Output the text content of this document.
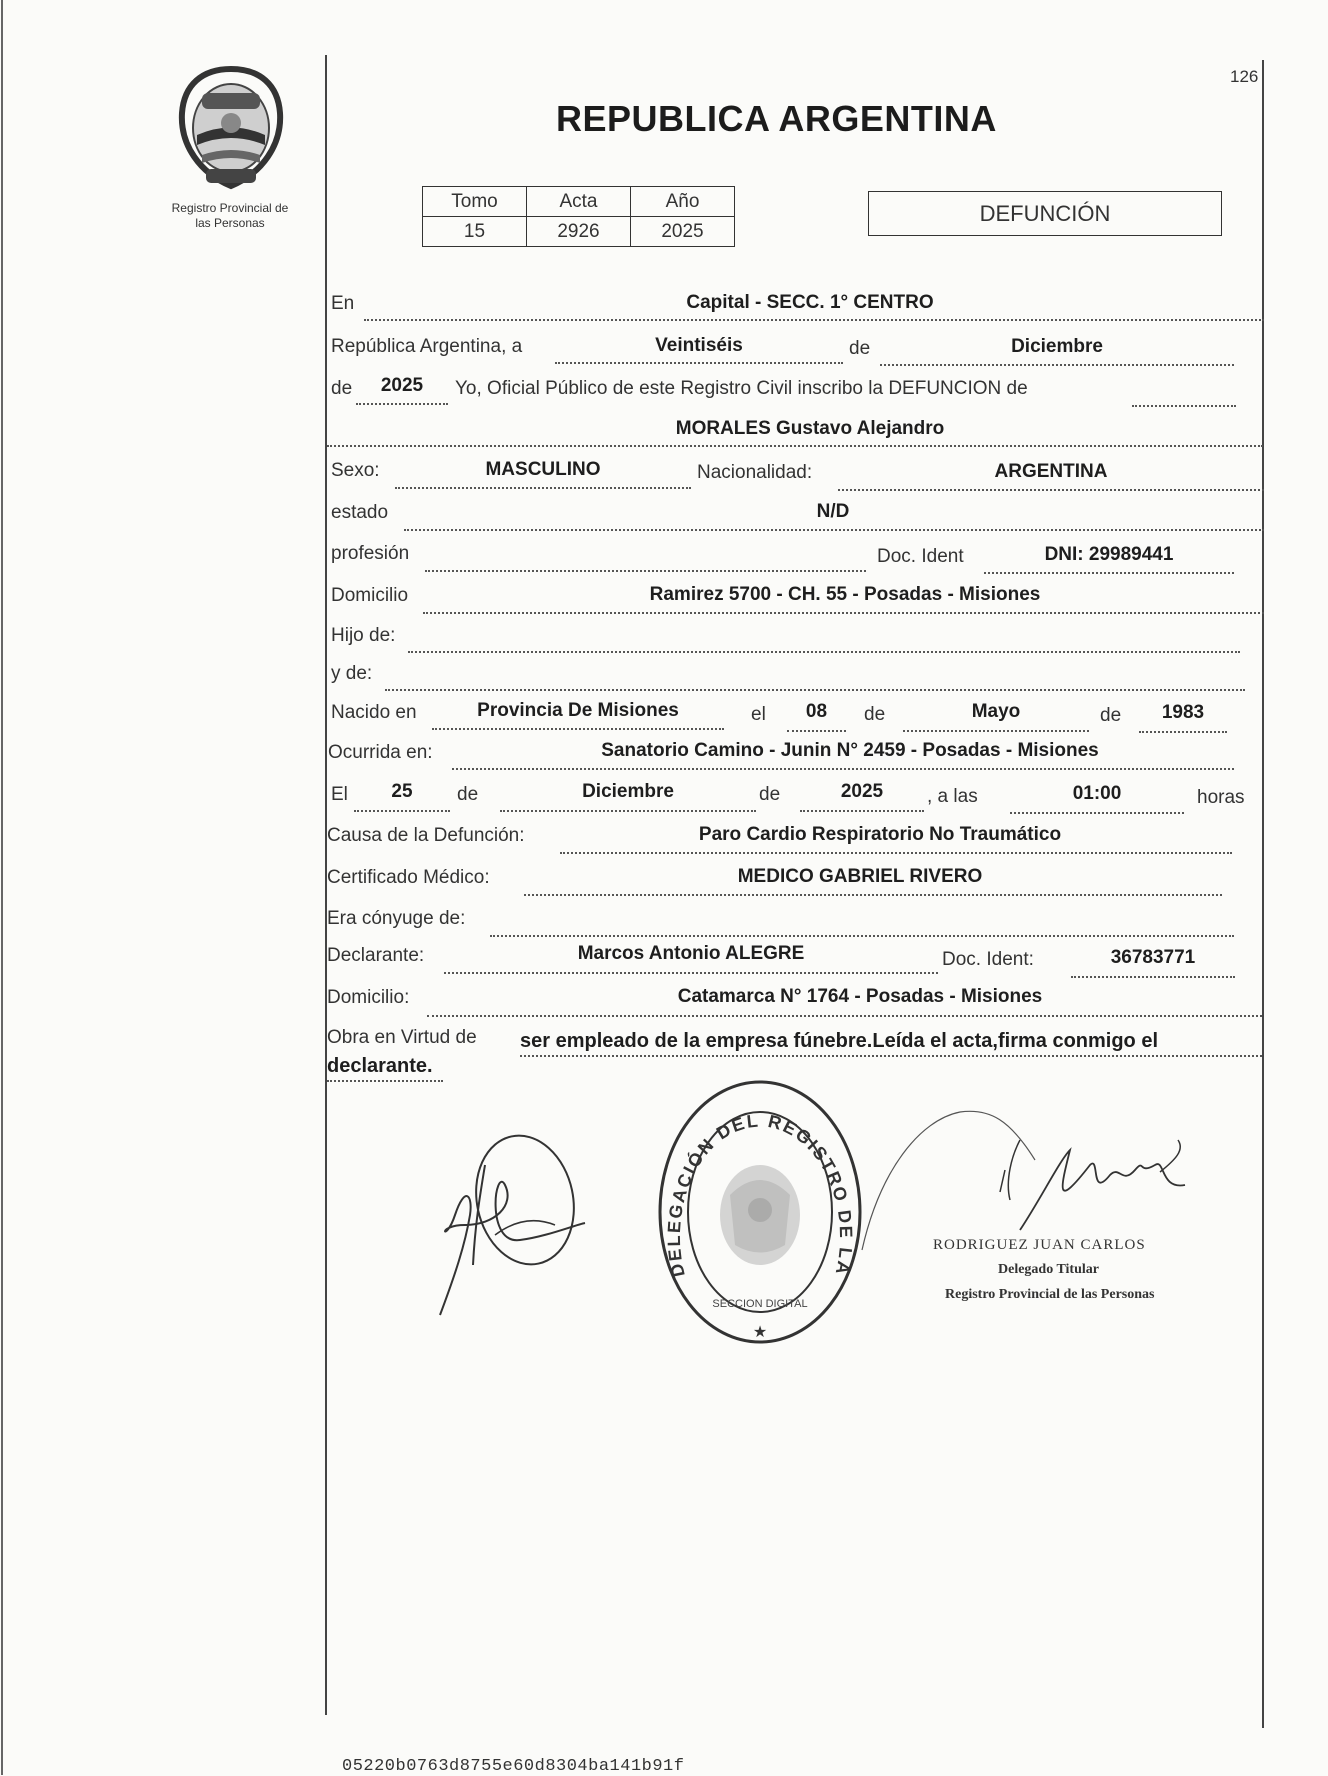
126
Registro Provincial de
las Personas
REPUBLICA ARGENTINA
Tomo	Acta	Año
15	2926	2025
DEFUNCIÓN
En	Capital - SECC. 1° CENTRO
República Argentina, a	Veintiséis	de	Diciembre
de	2025	Yo, Oficial Público de este Registro Civil inscribo la DEFUNCION de
MORALES Gustavo Alejandro
Sexo:	MASCULINO	Nacionalidad:	ARGENTINA
estado	N/D
profesión	Doc. Ident	DNI: 29989441
Domicilio	Ramirez 5700 - CH. 55 - Posadas - Misiones
Hijo de:
y de:
Nacido en	Provincia De Misiones	el	08	de	Mayo	de	1983
Ocurrida en:	Sanatorio Camino - Junin N° 2459 - Posadas - Misiones
El	25	de	Diciembre	de	2025	, a las	01:00	horas
Causa de la Defunción:	Paro Cardio Respiratorio No Traumático
Certificado Médico:	MEDICO GABRIEL RIVERO
Era cónyuge de:
Declarante:	Marcos Antonio ALEGRE	Doc. Ident:	36783771
Domicilio:	Catamarca N° 1764 - Posadas - Misiones
Obra en Virtud de ser empleado de la empresa fúnebre.Leída el acta,firma conmigo el
declarante.
DELEGACIÓN DEL REGISTRO DE LA
SECCION DIGITAL
★
RODRIGUEZ JUAN CARLOS
Delegado Titular
Registro Provincial de las Personas
05220b0763d8755e60d8304ba141b91f
